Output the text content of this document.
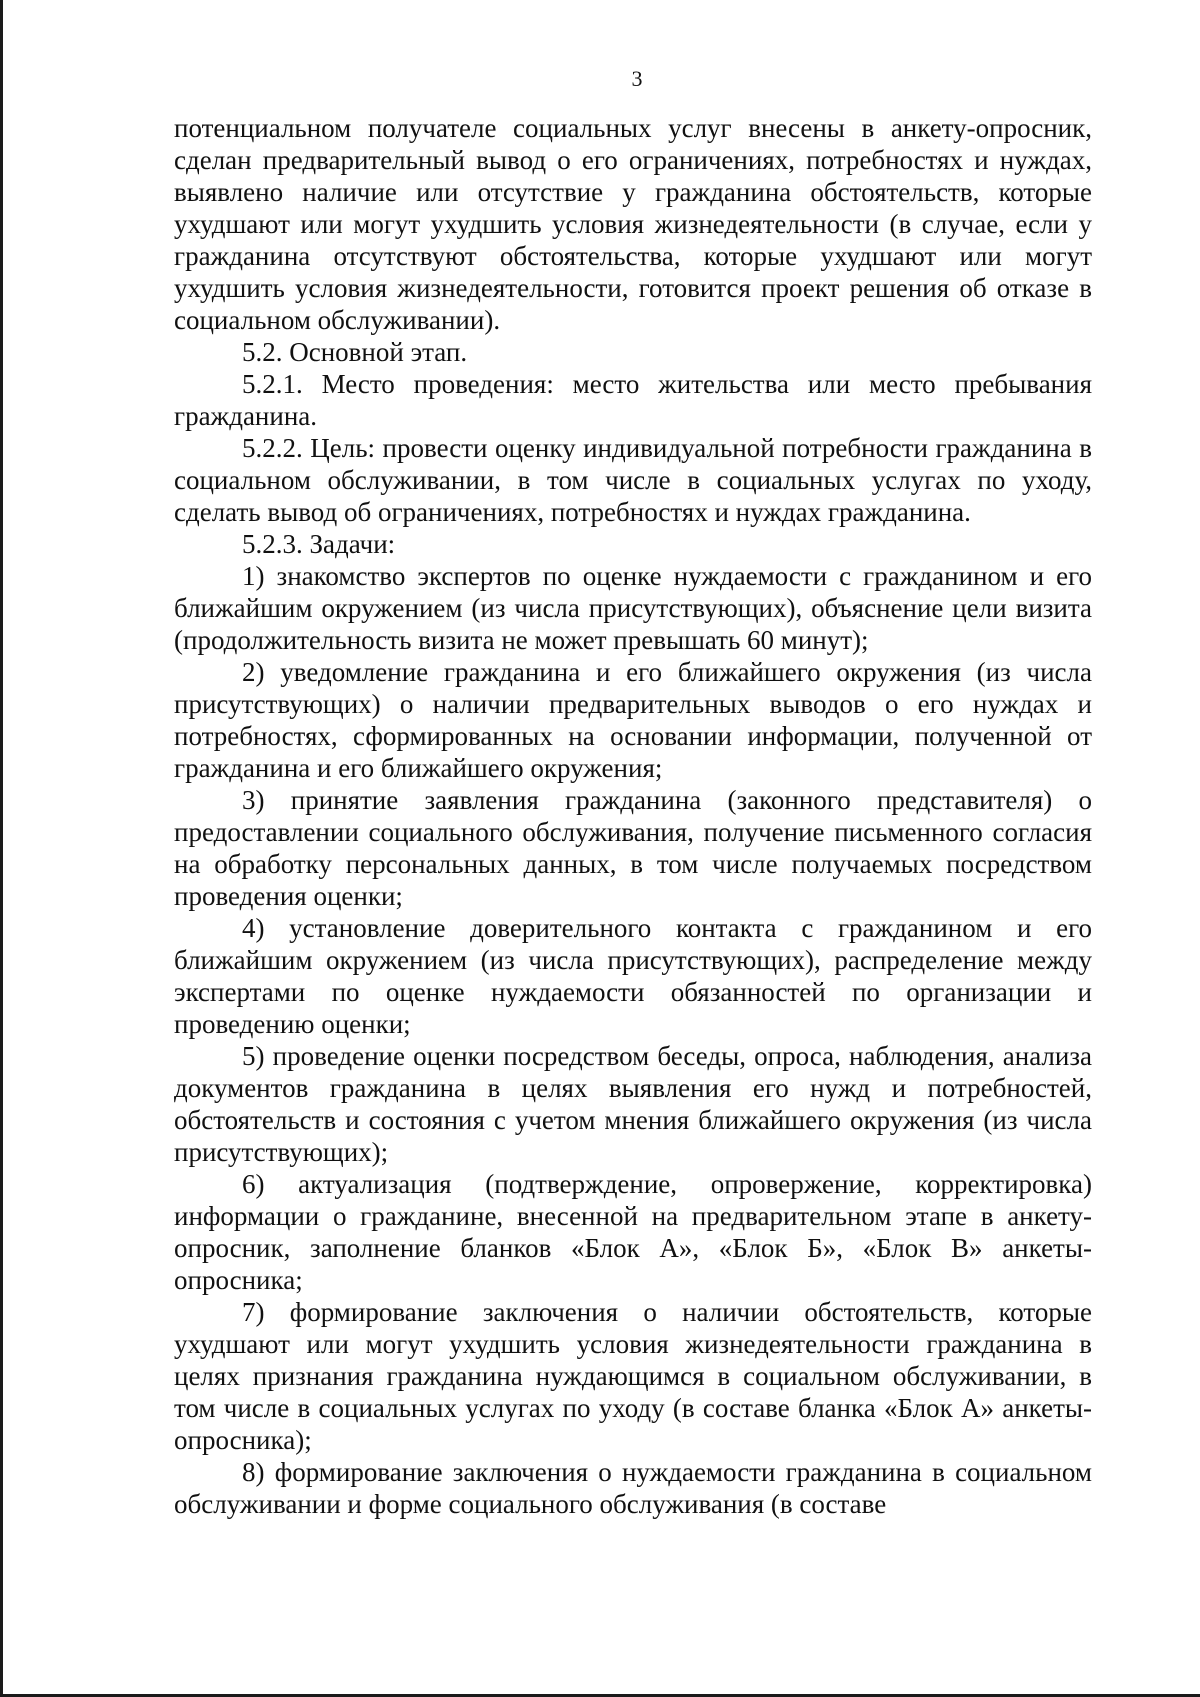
3

потенциальном получателе социальных услуг внесены в анкету-опросник, сделан предварительный вывод о его ограничениях, потребностях и нуждах, выявлено наличие или отсутствие у гражданина обстоятельств, которые ухудшают или могут ухудшить условия жизнедеятельности (в случае, если у гражданина отсутствуют обстоятельства, которые ухудшают или могут ухудшить условия жизнедеятельности, готовится проект решения об отказе в социальном обслуживании).

5.2. Основной этап.

5.2.1. Место проведения: место жительства или место пребывания гражданина.

5.2.2. Цель: провести оценку индивидуальной потребности гражданина в социальном обслуживании, в том числе в социальных услугах по уходу, сделать вывод об ограничениях, потребностях и нуждах гражданина.

5.2.3. Задачи:

1) знакомство экспертов по оценке нуждаемости с гражданином и его ближайшим окружением (из числа присутствующих), объяснение цели визита (продолжительность визита не может превышать 60 минут);

2) уведомление гражданина и его ближайшего окружения (из числа присутствующих) о наличии предварительных выводов о его нуждах и потребностях, сформированных на основании информации, полученной от гражданина и его ближайшего окружения;

3) принятие заявления гражданина (законного представителя) о предоставлении социального обслуживания, получение письменного согласия на обработку персональных данных, в том числе получаемых посредством проведения оценки;

4) установление доверительного контакта с гражданином и его ближайшим окружением (из числа присутствующих), распределение между экспертами по оценке нуждаемости обязанностей по организации и проведению оценки;

5) проведение оценки посредством беседы, опроса, наблюдения, анализа документов гражданина в целях выявления его нужд и потребностей, обстоятельств и состояния с учетом мнения ближайшего окружения (из числа присутствующих);

6) актуализация (подтверждение, опровержение, корректировка) информации о гражданине, внесенной на предварительном этапе в анкету-опросник, заполнение бланков «Блок А», «Блок Б», «Блок В» анкеты-опросника;

7) формирование заключения о наличии обстоятельств, которые ухудшают или могут ухудшить условия жизнедеятельности гражданина в целях признания гражданина нуждающимся в социальном обслуживании, в том числе в социальных услугах по уходу (в составе бланка «Блок А» анкеты-опросника);

8) формирование заключения о нуждаемости гражданина в социальном обслуживании и форме социального обслуживания (в составе
